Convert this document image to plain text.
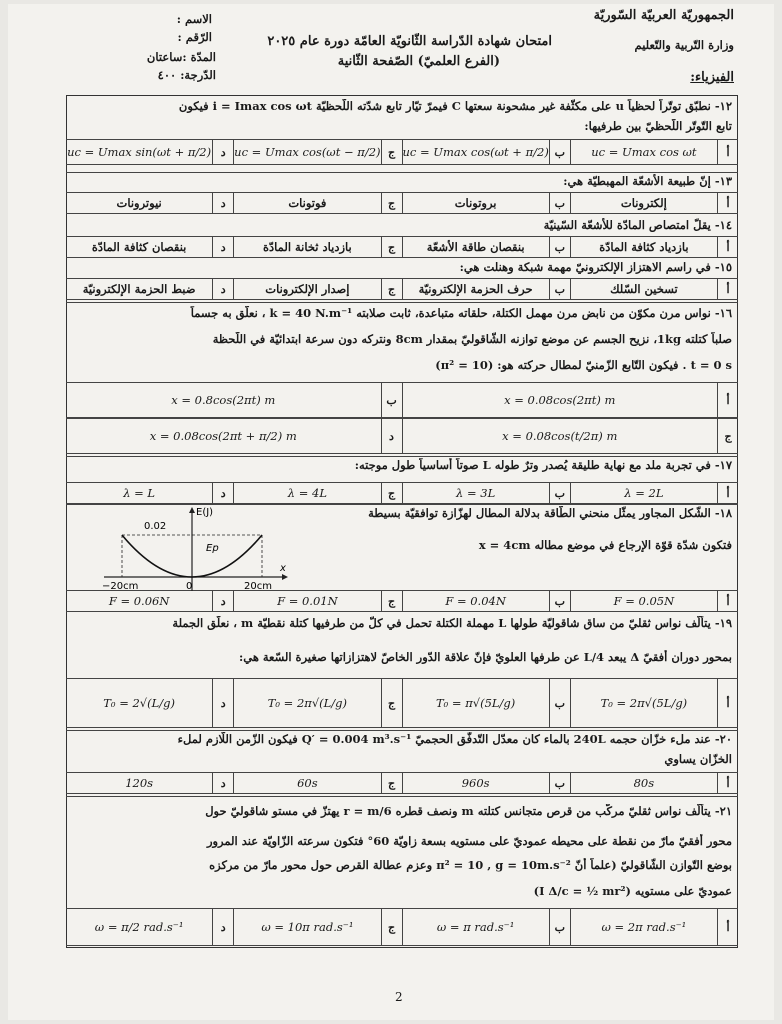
الجمهوريّة العربيّة السّوريّة
وزارة التّربية والتّعليم
امتحان شهادة الدّراسة الثّانويّة العامّة دورة عام ٢٠٢٥
(الفرع العلميّ) الصّفحة الثّانية
الفيزياء:
الاسم :
الرّقم :
المدّة :ساعتان
الدّرجة: ٤٠٠
١٢- نطبّق توتّراً لحظياً u على مكثّفة غير مشحونة سعتها C فيمرّ تيّار تابع شدّته اللّحظيّة i = Imax cos ωt فيكون
تابع التّوتّر اللّحظيّ بين طرفيها:
أ
uc = Umax cos ωt
ب
uc = Umax cos(ωt + π/2)
ج
uc = Umax cos(ωt − π/2)
د
uc = Umax sin(ωt + π/2)
١٣- إنّ طبيعة الأشعّة المهبطيّة هي:
أ
إلكترونات
ب
بروتونات
ج
فوتونات
د
نيوترونات
١٤- يقلّ امتصاص المادّة للأشعّة السّينيّة
أ
بازدياد كثافة المادّة
ب
بنقصان طاقة الأشعّة
ج
بازدياد ثخانة المادّة
د
بنقصان كثافة المادّة
١٥- في راسم الاهتزاز الإلكترونيّ مهمة شبكة وهنلت هي:
أ
تسخين السّلك
ب
حرف الحزمة الإلكترونيّة
ج
إصدار الإلكترونات
د
ضبط الحزمة الإلكترونيّة
١٦- نواس مرن مكوّن من نابض مرن مهمل الكتلة، حلقاته متباعدة، ثابت صلابته k = 40 N.m⁻¹ ، نعلّق به جسماً
صلباً كتلته 1kg، نزيح الجسم عن موضع توازنه الشّاقوليّ بمقدار 8cm ونتركه دون سرعة ابتدائيّة في اللّحظة
t = 0 s . فيكون التّابع الزّمنيّ لمطال حركته هو: (π² = 10)
أ
x = 0.08cos(2πt) m
ب
x = 0.8cos(2πt) m
ج
x = 0.08cos(t/2π) m
د
x = 0.08cos(2πt + π/2) m
١٧- في تجربة ملد مع نهاية طليقة يُصدر وترٌ طوله L صوتاً أساسياً طول موجته:
أ
λ = 2L
ب
λ = 3L
ج
λ = 4L
د
λ = L
١٨- الشّكل المجاور يمثّل منحني الطّاقة بدلالة المطال لهزّازة توافقيّة بسيطة
فتكون شدّة قوّة الإرجاع في موضع مطاله x = 4cm
أ
F = 0.05N
ب
F = 0.04N
ج
F = 0.01N
د
F = 0.06N
E(J)
0.02
Ep
−20cm	0	20cm
x
١٩- يتألّف نواس ثقليّ من ساق شاقوليّة طولها L مهملة الكتلة تحمل في كلّ من طرفيها كتلة نقطيّة m ، نعلّق الجملة
بمحور دوران أفقيّ Δ يبعد L/4 عن طرفها العلويّ فإنّ علاقة الدّور الخاصّ لاهتزازاتها صغيرة السّعة هي:
أ
T₀ = 2π√(5L/g)
ب
T₀ = π√(5L/g)
ج
T₀ = 2π√(L/g)
د
T₀ = 2√(L/g)
٢٠- عند ملء خزّان حجمه 240L بالماء كان معدّل التّدفّق الحجميّ Q′ = 0.004 m³.s⁻¹ فيكون الزّمن اللّازم لملء
الخزّان يساوي
أ
80s
ب
960s
ج
60s
د
120s
٢١- يتألّف نواس ثقليّ مركّب من قرص متجانس كتلته m ونصف قطره r = m/6 يهتزّ في مستوٍ شاقوليّ حول
محور أفقيّ مارّ من نقطة على محيطه عموديّ على مستويه بسعة زاويّة 60° فتكون سرعته الزّاويّة عند المرور
بوضع التّوازن الشّاقوليّ (علماً أنّ π² = 10 , g = 10m.s⁻² وعزم عطالة القرص حول محور مارّ من مركزه
عموديّ على مستويه (I Δ/c = ½ mr²)
أ
ω = 2π rad.s⁻¹
ب
ω = π rad.s⁻¹
ج
ω = 10π rad.s⁻¹
د
ω = π/2 rad.s⁻¹
2
